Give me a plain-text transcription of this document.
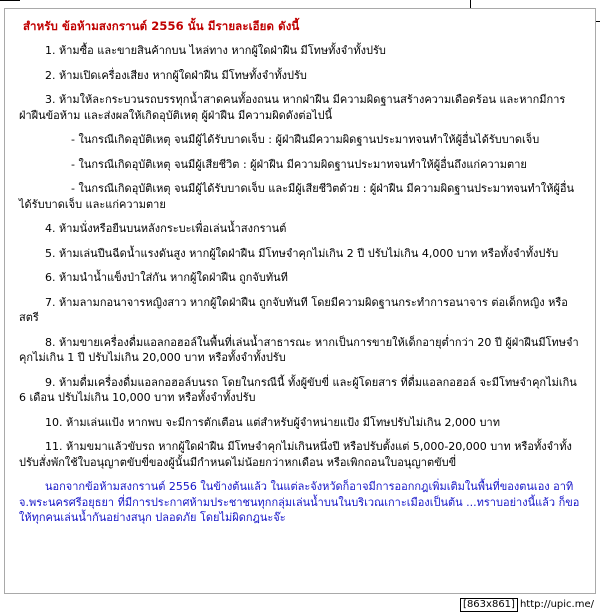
สำหรับ ข้อห้ามสงกรานต์ 2556 นั้น มีรายละเอียด ดังนี้

1. ห้ามซื้อ และขายสินค้ากบน ไหล่ทาง หากผู้ใดฝ่าฝืน มีโทษทั้งจำทั้งปรับ

2. ห้ามเปิดเครื่องเสียง หากผู้ใดฝ่าฝืน มีโทษทั้งจำทั้งปรับ

3. ห้ามให้ละกระบวนรถบรรทุกน้ำสาดคนทั้องถนน หากฝ่าฝืน มีความผิดฐานสร้างความเดือดร้อน และหากมีการฝ่าฝืนข้อห้าม และส่งผลให้เกิดอุบัติเหตุ ผู้ฝ่าฝืน มีความผิดดังต่อไปนี้

- ในกรณีเกิดอุบัติเหตุ จนมีผู้ได้รับบาดเจ็บ : ผู้ฝ่าฝืนมีความผิดฐานประมาทจนทำให้ผู้อื่นได้รับบาดเจ็บ

- ในกรณีเกิดอุบัติเหตุ จนมีผู้เสียชีวิต : ผู้ฝ่าฝืน มีความผิดฐานประมาทจนทำให้ผู้อื่นถึงแก่ความตาย

- ในกรณีเกิดอุบัติเหตุ จนมีผู้ได้รับบาดเจ็บ และมีผู้เสียชีวิตด้วย : ผู้ฝ่าฝืน มีความผิดฐานประมาทจนทำให้ผู้อื่นได้รับบาดเจ็บ และแก่ความตาย

4. ห้ามนั่งหรือยืนบนหลังกระบะเพื่อเล่นน้ำสงกรานต์

5. ห้ามเล่นปืนฉีดน้ำแรงดันสูง หากผู้ใดฝ่าฝืน มีโทษจำคุกไม่เกิน 2 ปี ปรับไม่เกิน 4,000 บาท หรือทั้งจำทั้งปรับ

6. ห้ามนำน้ำแข็งป่าใส่กัน หากผู้ใดฝ่าฝืน ถูกจับทันที

7. ห้ามลามกอนาจารหญิงสาว หากผู้ใดฝ่าฝืน ถูกจับทันที โดยมีความผิดฐานกระทำการอนาจาร ต่อเด็กหญิง หรือสตรี

8. ห้ามขายเครื่องดื่มแอลกอฮอล์ในพื้นที่เล่นน้ำสาธารณะ หากเป็นการขายให้เด็กอายุต่ำกว่า 20 ปี ผู้ฝ่าฝืนมีโทษจำคุกไม่เกิน 1 ปี ปรับไม่เกิน 20,000 บาท หรือทั้งจำทั้งปรับ

9. ห้ามดื่มเครื่องดื่มแอลกอฮอล์บนรถ โดยในกรณีนี้ ทั้งผู้ขับขี่ และผู้โดยสาร ที่ดื่มแอลกอฮอล์ จะมีโทษจำคุกไม่เกิน 6 เดือน ปรับไม่เกิน 10,000 บาท หรือทั้งจำทั้งปรับ

10. ห้ามเล่นแป้ง หากพบ จะมีการตักเตือน แต่สำหรับผู้จำหน่ายแป้ง มีโทษปรับไม่เกิน 2,000 บาท

11. ห้ามขมาแล้วขับรถ หากผู้ใดฝ่าฝืน มีโทษจำคุกไม่เกินหนึ่งปี หรือปรับตั้งแต่ 5,000-20,000 บาท หรือทั้งจำทั้งปรับสั่งพักใช้ใบอนุญาตขับขี่ของผู้นั้นมีกำหนดไม่น้อยกว่าหกเดือน หรือเพิกถอนใบอนุญาตขับขี่

นอกจากข้อห้ามสงกรานต์ 2556 ในข้างต้นแล้ว ในแต่ละจังหวัดก็อาจมีการออกกฎเพิ่มเติมในพื้นที่ของตนเอง อาทิ จ.พระนครศรีอยุธยา ที่มีการประกาศห้ามประชาชนทุกกลุ่มเล่นน้ำบนในบริเวณเกาะเมืองเป็นต้น ...ทราบอย่างนี้แล้ว ก็ขอให้ทุกคนเล่นน้ำกันอย่างสนุก ปลอดภัย โดยไม่ผิดกฎนะจ๊ะ

[863x861] http://upic.me/
